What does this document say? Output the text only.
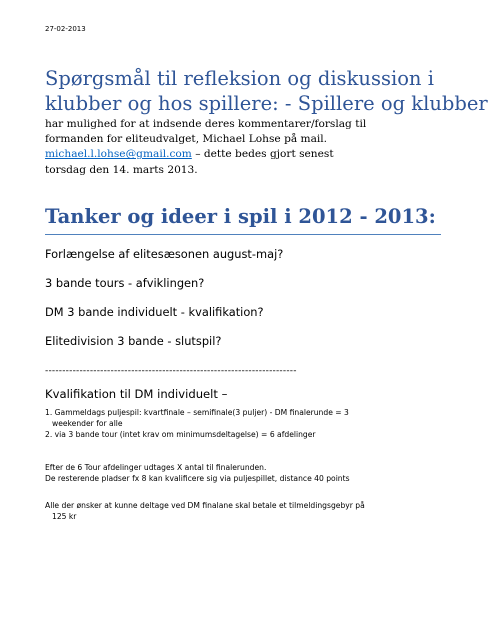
27-02-2013
Spørgsmål til refleksion og diskussion i
klubber og hos spillere: - Spillere og klubber
har mulighed for at indsende deres kommentarer/forslag til
formanden for eliteudvalget, Michael Lohse på mail.
michael.l.lohse@gmail.com – dette bedes gjort senest
torsdag den 14. marts 2013.
Tanker og ideer i spil i 2012 - 2013:
Forlængelse af elitesæsonen august-maj?
3 bande tours - afviklingen?
DM 3 bande individuelt - kvalifikation?
Elitedivision 3 bande - slutspil?
-------------------------------------------------------------------------
Kvalifikation til DM individuelt –
1. Gammeldags puljespil: kvartfinale – semifinale(3 puljer) - DM finalerunde = 3
weekender for alle
2. via 3 bande tour (intet krav om minimumsdeltagelse) = 6 afdelinger
Efter de 6 Tour afdelinger udtages X antal til finalerunden.
De resterende pladser fx 8 kan kvalificere sig via puljespillet, distance 40 points
Alle der ønsker at kunne deltage ved DM finalane skal betale et tilmeldingsgebyr på
125 kr
